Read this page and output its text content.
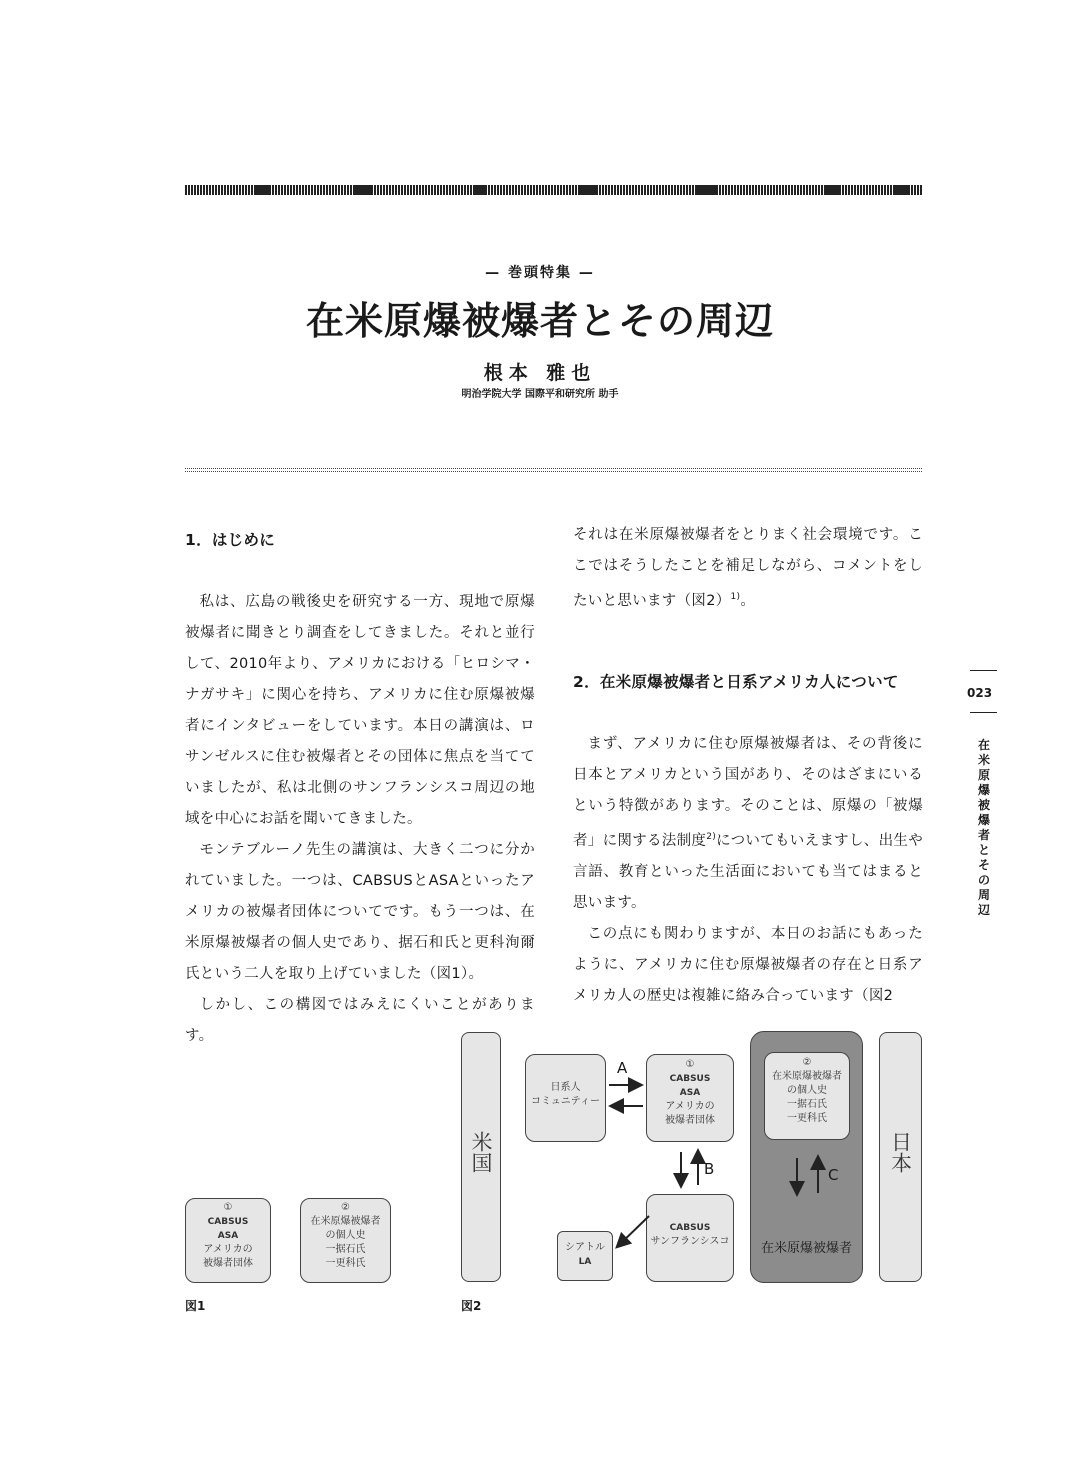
— 巻頭特集 —
在米原爆被爆者とその周辺
根本 雅也
明治学院大学 国際平和研究所 助手
1．はじめに

私は、広島の戦後史を研究する一方、現地で原爆被爆者に聞きとり調査をしてきました。それと並行して、2010年より、アメリカにおける「ヒロシマ・ナガサキ」に関心を持ち、アメリカに住む原爆被爆者にインタビューをしています。本日の講演は、ロサンゼルスに住む被爆者とその団体に焦点を当てていましたが、私は北側のサンフランシスコ周辺の地域を中心にお話を聞いてきました。

モンテブルーノ先生の講演は、大きく二つに分かれていました。一つは、CABSUSとASAといったアメリカの被爆者団体についてです。もう一つは、在米原爆被爆者の個人史であり、据石和氏と更科洵爾氏という二人を取り上げていました（図1）。

しかし、この構図ではみえにくいことがあります。

それは在米原爆被爆者をとりまく社会環境です。ここではそうしたことを補足しながら、コメントをしたいと思います（図2）$^{1)}$。

2．在米原爆被爆者と日系アメリカ人について

まず、アメリカに住む原爆被爆者は、その背後に日本とアメリカという国があり、そのはざまにいるという特徴があります。そのことは、原爆の「被爆者」に関する法制度$^{2)}$についてもいえますし、出生や言語、教育といった生活面においても当てはまると思います。

この点にも関わりますが、本日のお話にもあったように、アメリカに住む原爆被爆者の存在と日系アメリカ人の歴史は複雑に絡み合っています（図2

023
在米原爆被爆者とその周辺
①
CABSUS
ASA
アメリカの
被爆者団体
②
在米原爆被爆者
の個人史
一据石氏
一更科氏
図1
米国
日系人
コミュニティー
①
CABSUS
ASA
アメリカの
被爆者団体
②
在米原爆被爆者
の個人史
一据石氏
一更科氏
在米原爆被爆者
日本
CABSUS
サンフランシスコ
シアトル
LA
A
B	C
図2
